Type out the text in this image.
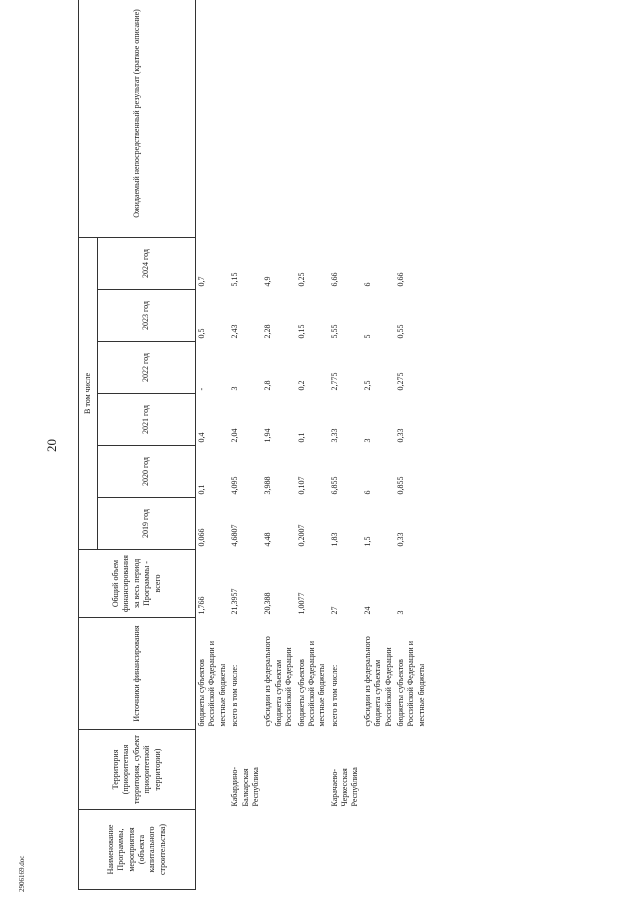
20
2906169.doc	Наименование Программы, мероприятия (объекта капитального строительства)	Территория (приоритетная территория, субъект приоритетной территории)	Источники финансирования	Общий объем финансирования за весь период Программы - всего	В том числе						Ожидаемый непосредственный результат (краткое описание)
				2019 год	2020 год	2021 год	2022 год	2023 год	2024 год	
		бюджеты субъектов Российской Федерации и местные бюджеты	1,766	0,066	0,1	0,4	-	0,5	0,7	
	Кабардино-Балкарская Республика	всего в том числе:	21,3957	4,6807	4,095	2,04	3	2,43	5,15	
		субсидии из федерального бюджета субъектам Российской Федерации	20,388	4,48	3,988	1,94	2,8	2,28	4,9	
		бюджеты субъектов Российской Федерации и местные бюджеты	1,0077	0,2007	0,107	0,1	0,2	0,15	0,25	
	Карачаево-Черкесская Республика	всего в том числе:	27	1,83	6,855	3,33	2,775	5,55	6,66	
		субсидии из федерального бюджета субъектам Российской Федерации	24	1,5	6	3	2,5	5	6	
		бюджеты субъектов Российской Федерации и местные бюджеты	3	0,33	0,855	0,33	0,275	0,55	0,66	
